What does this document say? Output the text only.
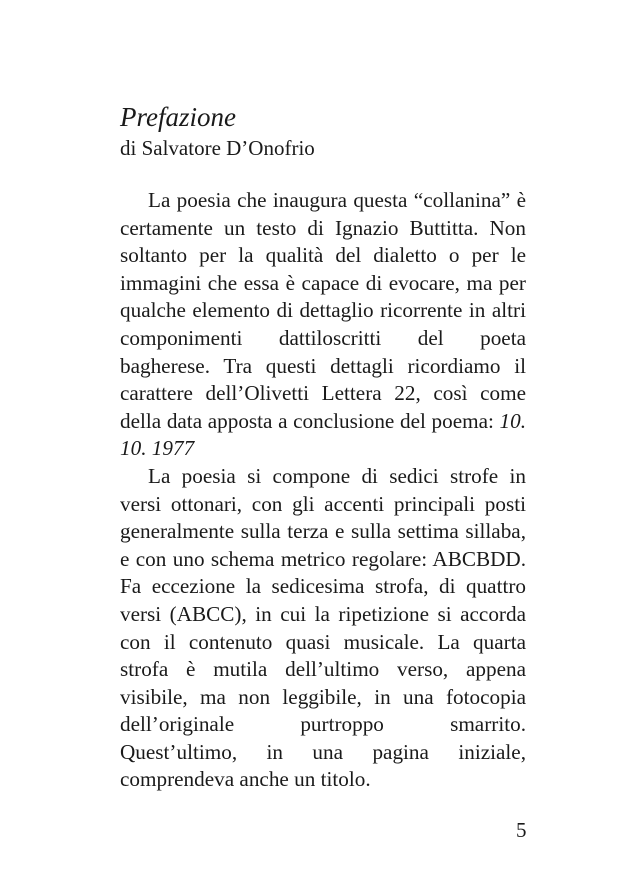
Prefazione
di Salvatore D’Onofrio

La poesia che inaugura questa “collanina” è certamente un testo di Ignazio Buttitta. Non soltanto per la qualità del dialetto o per le immagini che essa è capace di evocare, ma per qualche elemento di dettaglio ricorrente in altri componimenti dattiloscritti del poeta bagherese. Tra questi dettagli ricordiamo il carattere dell’Olivetti Lettera 22, così come della data apposta a conclusione del poema: 10. 10. 1977

La poesia si compone di sedici strofe in versi ottonari, con gli accenti principali posti generalmente sulla terza e sulla settima sillaba, e con uno schema metrico regolare: ABCBDD. Fa eccezione la sedicesima strofa, di quattro versi (ABCC), in cui la ripetizione si accorda con il contenuto quasi musicale. La quarta strofa è mutila dell’ultimo verso, appena visibile, ma non leggibile, in una fotocopia dell’originale purtroppo smarrito. Quest’ultimo, in una pagina iniziale, comprendeva anche un titolo.

5
